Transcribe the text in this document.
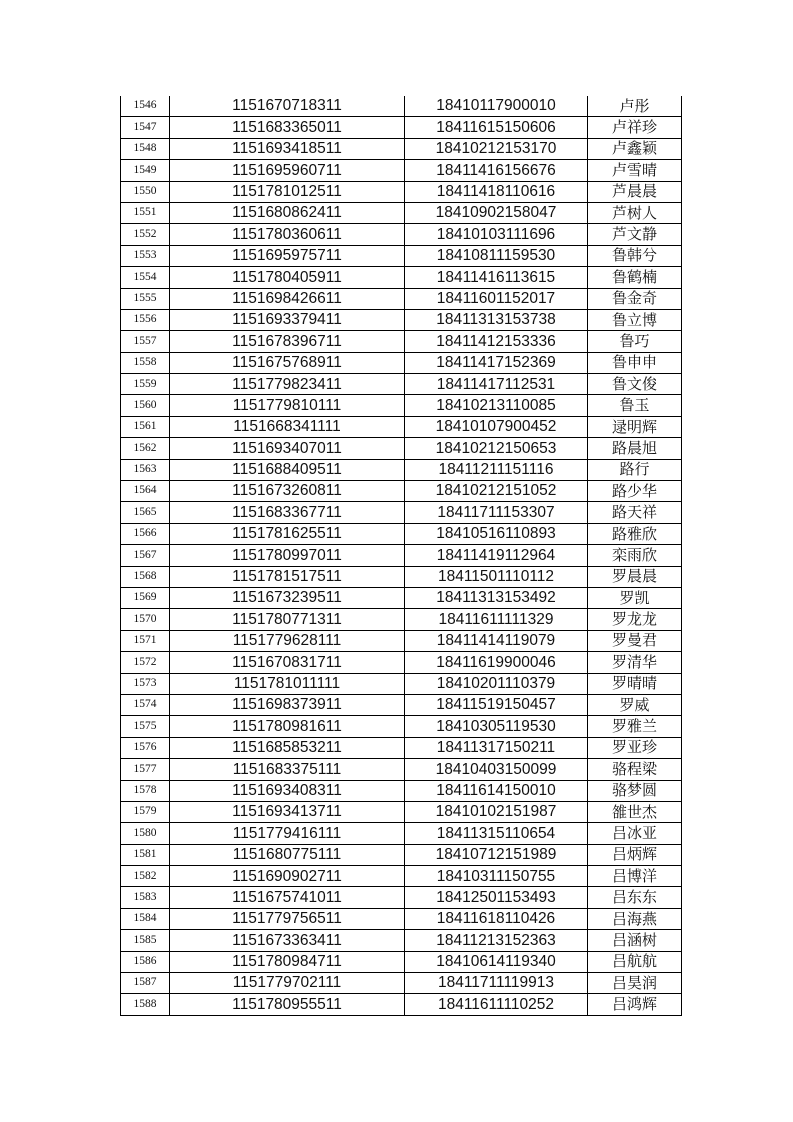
1546	1151670718311	18410117900010	卢彤
1547	1151683365011	18411615150606	卢祥珍
1548	1151693418511	18410212153170	卢鑫颖
1549	1151695960711	18411416156676	卢雪晴
1550	1151781012511	18411418110616	芦晨晨
1551	1151680862411	18410902158047	芦树人
1552	1151780360611	18410103111696	芦文静
1553	1151695975711	18410811159530	鲁韩兮
1554	1151780405911	18411416113615	鲁鹤楠
1555	1151698426611	18411601152017	鲁金奇
1556	1151693379411	18411313153738	鲁立博
1557	1151678396711	18411412153336	鲁巧
1558	1151675768911	18411417152369	鲁申申
1559	1151779823411	18411417112531	鲁文俊
1560	1151779810111	18410213110085	鲁玉
1561	1151668341111	18410107900452	逯明辉
1562	1151693407011	18410212150653	路晨旭
1563	1151688409511	18411211151116	路行
1564	1151673260811	18410212151052	路少华
1565	1151683367711	18411711153307	路天祥
1566	1151781625511	18410516110893	路雅欣
1567	1151780997011	18411419112964	栾雨欣
1568	1151781517511	18411501110112	罗晨晨
1569	1151673239511	18411313153492	罗凯
1570	1151780771311	18411611111329	罗龙龙
1571	1151779628111	18411414119079	罗曼君
1572	1151670831711	18411619900046	罗清华
1573	1151781011111	18410201110379	罗晴晴
1574	1151698373911	18411519150457	罗威
1575	1151780981611	18410305119530	罗雅兰
1576	1151685853211	18411317150211	罗亚珍
1577	1151683375111	18410403150099	骆程梁
1578	1151693408311	18411614150010	骆梦圆
1579	1151693413711	18410102151987	雒世杰
1580	1151779416111	18411315110654	吕冰亚
1581	1151680775111	18410712151989	吕炳辉
1582	1151690902711	18410311150755	吕博洋
1583	1151675741011	18412501153493	吕东东
1584	1151779756511	18411618110426	吕海燕
1585	1151673363411	18411213152363	吕涵树
1586	1151780984711	18410614119340	吕航航
1587	1151779702111	18411711119913	吕昊润
1588	1151780955511	18411611110252	吕鸿辉
